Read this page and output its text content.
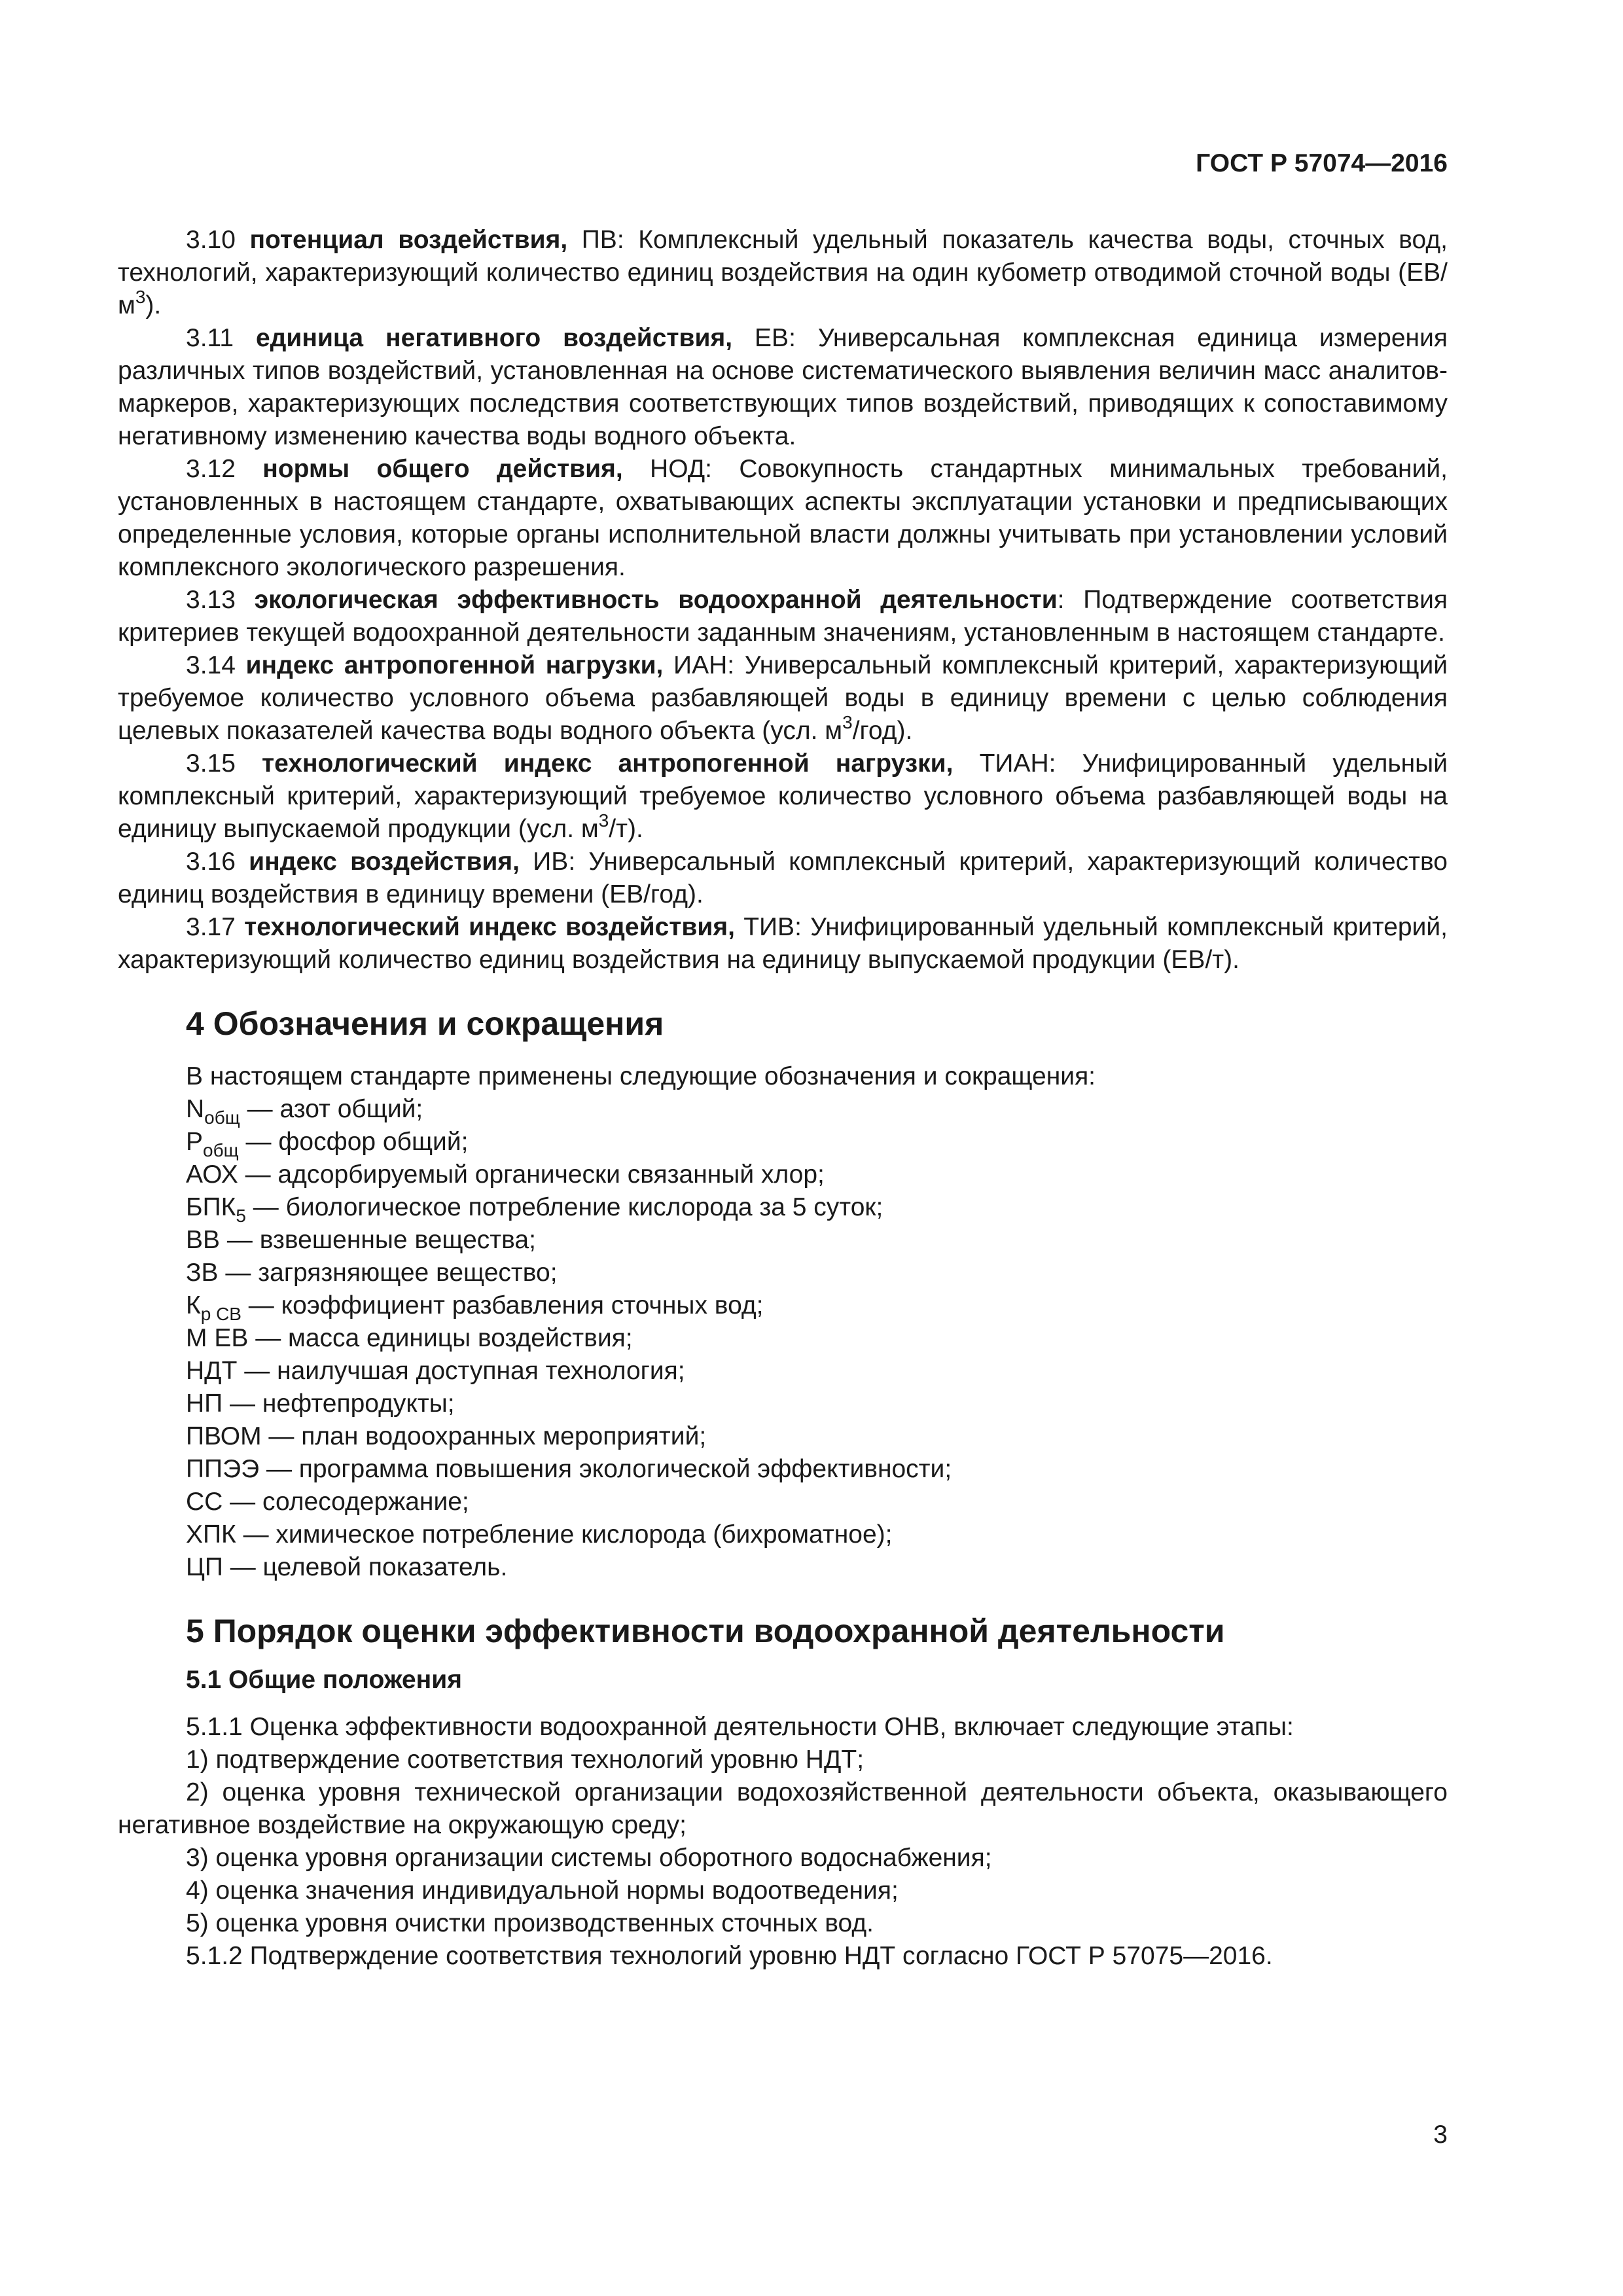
ГОСТ Р 57074—2016

3.10 потенциал воздействия, ПВ: Комплексный удельный показатель качества воды, сточных вод, технологий, характеризующий количество единиц воздействия на один кубометр отводимой сточной воды $(ЕВ/м^3)$.

3.11 единица негативного воздействия, ЕВ: Универсальная комплексная единица измерения различных типов воздействий, установленная на основе систематического выявления величин масс аналитов-маркеров, характеризующих последствия соответствующих типов воздействий, приводящих к сопоставимому негативному изменению качества воды водного объекта.

3.12 нормы общего действия, НОД: Совокупность стандартных минимальных требований, установленных в настоящем стандарте, охватывающих аспекты эксплуатации установки и предписывающих определенные условия, которые органы исполнительной власти должны учитывать при установлении условий комплексного экологического разрешения.

3.13 экологическая эффективность водоохранной деятельности: Подтверждение соответствия критериев текущей водоохранной деятельности заданным значениям, установленным в настоящем стандарте.

3.14 индекс антропогенной нагрузки, ИАН: Универсальный комплексный критерий, характеризующий требуемое количество условного объема разбавляющей воды в единицу времени с целью соблюдения целевых показателей качества воды водного объекта (усл. $м^3/год$).

3.15 технологический индекс антропогенной нагрузки, ТИАН: Унифицированный удельный комплексный критерий, характеризующий требуемое количество условного объема разбавляющей воды на единицу выпускаемой продукции (усл. $м^3/т$).

3.16 индекс воздействия, ИВ: Универсальный комплексный критерий, характеризующий количество единиц воздействия в единицу времени (ЕВ/год).

3.17 технологический индекс воздействия, ТИВ: Унифицированный удельный комплексный критерий, характеризующий количество единиц воздействия на единицу выпускаемой продукции (ЕВ/т).

4 Обозначения и сокращения

В настоящем стандарте применены следующие обозначения и сокращения:

$N_{общ}$ — азот общий;

$P_{общ}$ — фосфор общий;

АОХ — адсорбируемый органически связанный хлор;

$БПК_5$ — биологическое потребление кислорода за 5 суток;

ВВ — взвешенные вещества;

ЗВ — загрязняющее вещество;

$К_{р СВ}$ — коэффициент разбавления сточных вод;

М ЕВ — масса единицы воздействия;

НДТ — наилучшая доступная технология;

НП — нефтепродукты;

ПВОМ — план водоохранных мероприятий;

ППЭЭ — программа повышения экологической эффективности;

СС — солесодержание;

ХПК — химическое потребление кислорода (бихроматное);

ЦП — целевой показатель.

5 Порядок оценки эффективности водоохранной деятельности
5.1 Общие положения

5.1.1 Оценка эффективности водоохранной деятельности ОНВ, включает следующие этапы:

1) подтверждение соответствия технологий уровню НДТ;

2) оценка уровня технической организации водохозяйственной деятельности объекта, оказывающего негативное воздействие на окружающую среду;

3) оценка уровня организации системы оборотного водоснабжения;

4) оценка значения индивидуальной нормы водоотведения;

5) оценка уровня очистки производственных сточных вод.

5.1.2 Подтверждение соответствия технологий уровню НДТ согласно ГОСТ Р 57075—2016.

3
